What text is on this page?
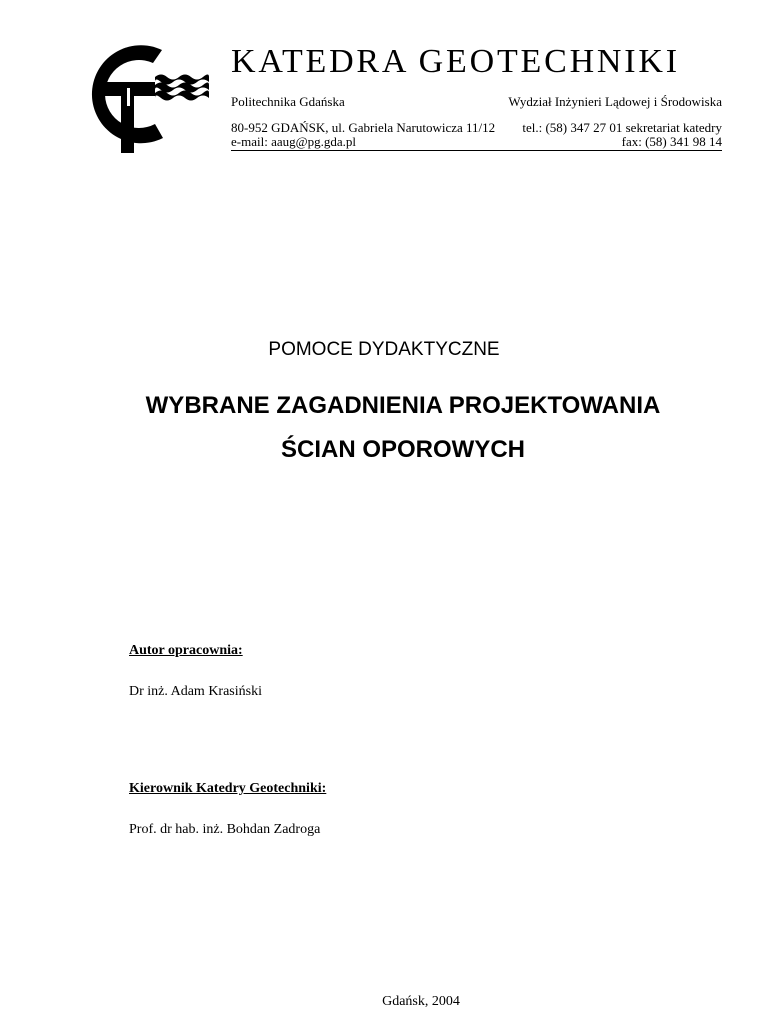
KATEDRA GEOTECHNIKI
Politechnika Gdańska	Wydział Inżynieri Lądowej i Środowiska
80-952 GDAŃSK, ul. Gabriela Narutowicza 11/12 tel.: (58) 347 27 01 sekretariat katedry
e-mail: aaug@pg.gda.pl	fax: (58) 341 98 14
POMOCE DYDAKTYCZNE
WYBRANE ZAGADNIENIA PROJEKTOWANIA
ŚCIAN OPOROWYCH
Autor opracownia:
Dr inż. Adam Krasiński
Kierownik Katedry Geotechniki:
Prof. dr hab. inż. Bohdan Zadroga
Gdańsk, 2004
